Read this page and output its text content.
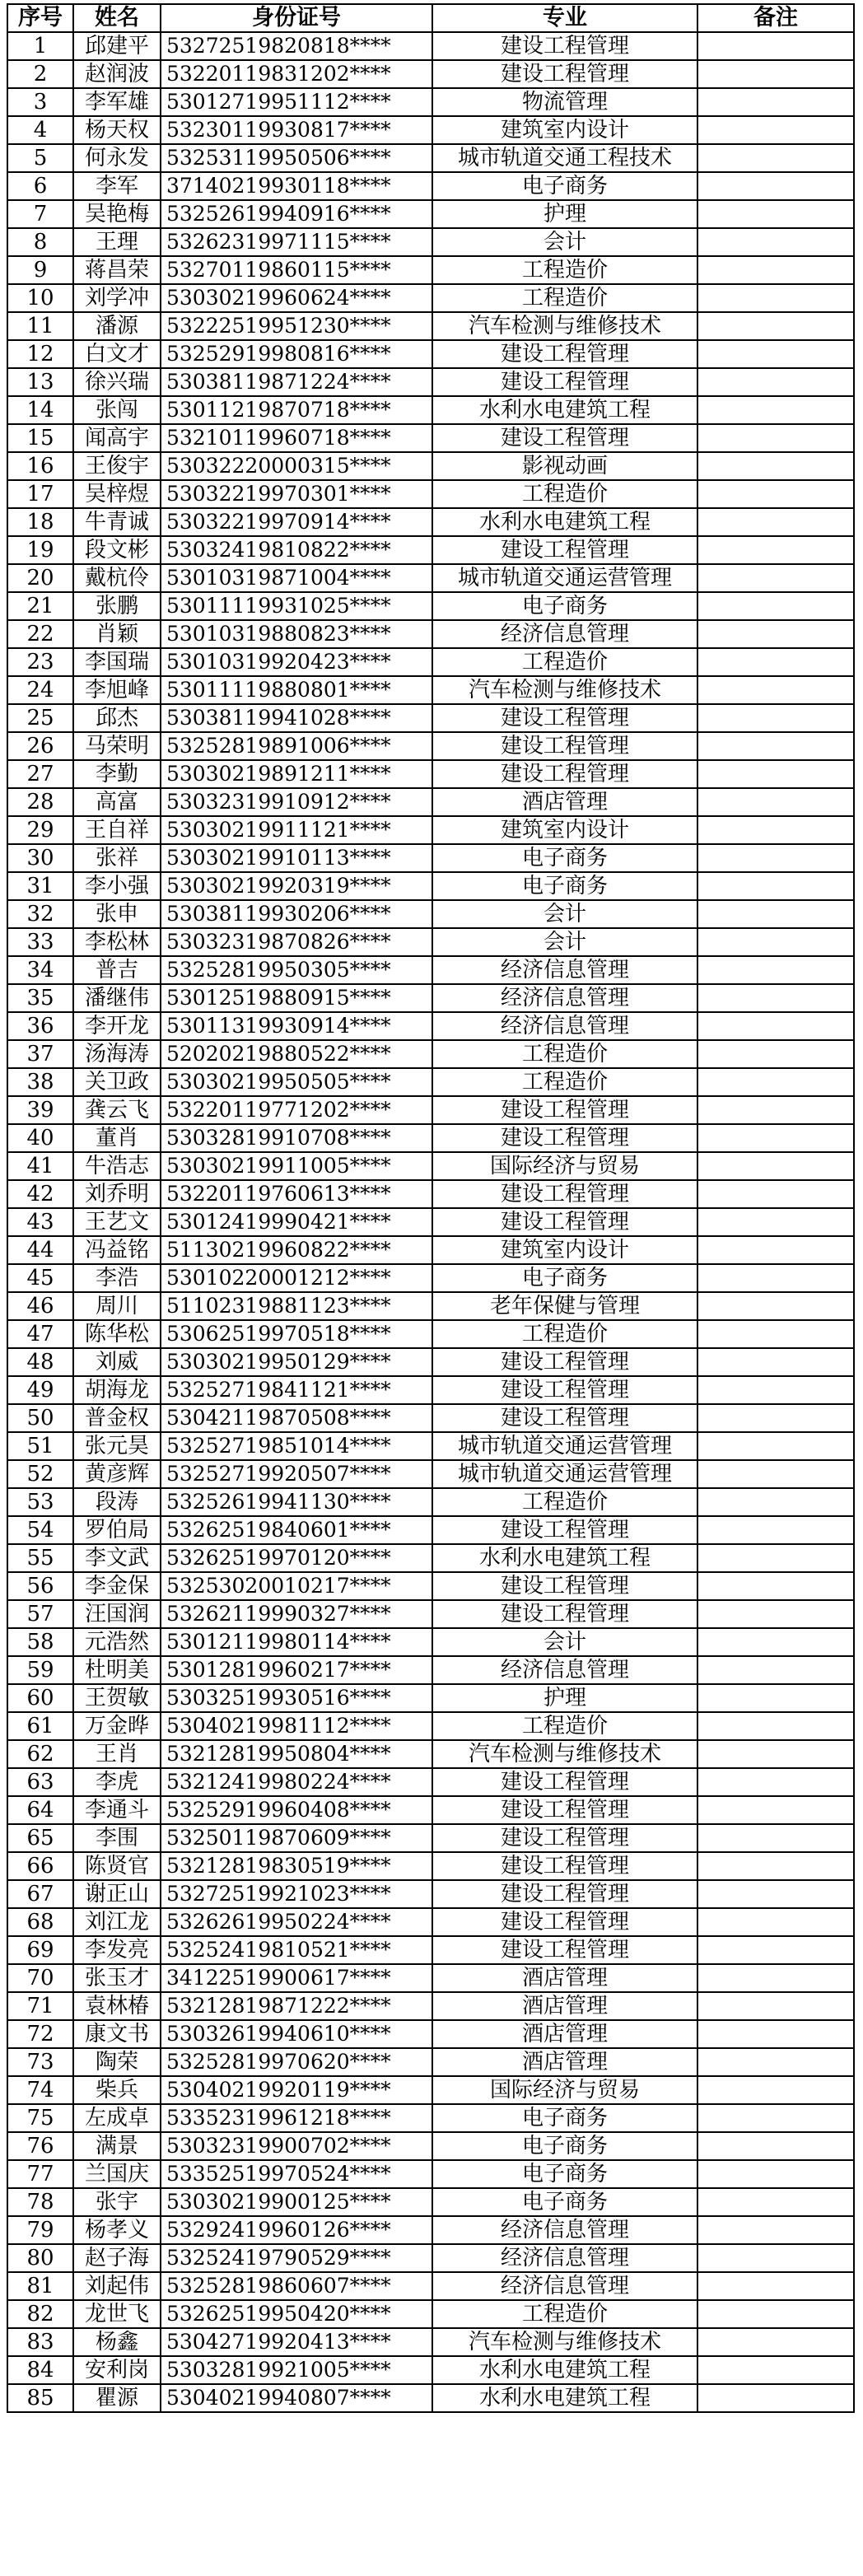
序号	姓名	身份证号	专业	备注
1	邱建平	53272519820818****	建设工程管理	
2	赵润波	53220119831202****	建设工程管理	
3	李军雄	53012719951112****	物流管理	
4	杨天权	53230119930817****	建筑室内设计	
5	何永发	53253119950506****	城市轨道交通工程技术	
6	李军	37140219930118****	电子商务	
7	吴艳梅	53252619940916****	护理	
8	王理	53262319971115****	会计	
9	蒋昌荣	53270119860115****	工程造价	
10	刘学冲	53030219960624****	工程造价	
11	潘源	53222519951230****	汽车检测与维修技术	
12	白文才	53252919980816****	建设工程管理	
13	徐兴瑞	53038119871224****	建设工程管理	
14	张闯	53011219870718****	水利水电建筑工程	
15	闻高宇	53210119960718****	建设工程管理	
16	王俊宇	53032220000315****	影视动画	
17	吴梓煜	53032219970301****	工程造价	
18	牛青诚	53032219970914****	水利水电建筑工程	
19	段文彬	53032419810822****	建设工程管理	
20	戴杭伶	53010319871004****	城市轨道交通运营管理	
21	张鹏	53011119931025****	电子商务	
22	肖颖	53010319880823****	经济信息管理	
23	李国瑞	53010319920423****	工程造价	
24	李旭峰	53011119880801****	汽车检测与维修技术	
25	邱杰	53038119941028****	建设工程管理	
26	马荣明	53252819891006****	建设工程管理	
27	李勤	53030219891211****	建设工程管理	
28	高富	53032319910912****	酒店管理	
29	王自祥	53030219911121****	建筑室内设计	
30	张祥	53030219910113****	电子商务	
31	李小强	53030219920319****	电子商务	
32	张申	53038119930206****	会计	
33	李松林	53032319870826****	会计	
34	普吉	53252819950305****	经济信息管理	
35	潘继伟	53012519880915****	经济信息管理	
36	李开龙	53011319930914****	经济信息管理	
37	汤海涛	52020219880522****	工程造价	
38	关卫政	53030219950505****	工程造价	
39	龚云飞	53220119771202****	建设工程管理	
40	董肖	53032819910708****	建设工程管理	
41	牛浩志	53030219911005****	国际经济与贸易	
42	刘乔明	53220119760613****	建设工程管理	
43	王艺文	53012419990421****	建设工程管理	
44	冯益铭	51130219960822****	建筑室内设计	
45	李浩	53010220001212****	电子商务	
46	周川	51102319881123****	老年保健与管理	
47	陈华松	53062519970518****	工程造价	
48	刘威	53030219950129****	建设工程管理	
49	胡海龙	53252719841121****	建设工程管理	
50	普金权	53042119870508****	建设工程管理	
51	张元昊	53252719851014****	城市轨道交通运营管理	
52	黄彦辉	53252719920507****	城市轨道交通运营管理	
53	段涛	53252619941130****	工程造价	
54	罗伯局	53262519840601****	建设工程管理	
55	李文武	53262519970120****	水利水电建筑工程	
56	李金保	53253020010217****	建设工程管理	
57	汪国润	53262119990327****	建设工程管理	
58	元浩然	53012119980114****	会计	
59	杜明美	53012819960217****	经济信息管理	
60	王贺敏	53032519930516****	护理	
61	万金晔	53040219981112****	工程造价	
62	王肖	53212819950804****	汽车检测与维修技术	
63	李虎	53212419980224****	建设工程管理	
64	李通斗	53252919960408****	建设工程管理	
65	李围	53250119870609****	建设工程管理	
66	陈贤官	53212819830519****	建设工程管理	
67	谢正山	53272519921023****	建设工程管理	
68	刘江龙	53262619950224****	建设工程管理	
69	李发亮	53252419810521****	建设工程管理	
70	张玉才	34122519900617****	酒店管理	
71	袁林椿	53212819871222****	酒店管理	
72	康文书	53032619940610****	酒店管理	
73	陶荣	53252819970620****	酒店管理	
74	柴兵	53040219920119****	国际经济与贸易	
75	左成卓	53352319961218****	电子商务	
76	满景	53032319900702****	电子商务	
77	兰国庆	53352519970524****	电子商务	
78	张宇	53030219900125****	电子商务	
79	杨孝义	53292419960126****	经济信息管理	
80	赵子海	53252419790529****	经济信息管理	
81	刘起伟	53252819860607****	经济信息管理	
82	龙世飞	53262519950420****	工程造价	
83	杨鑫	53042719920413****	汽车检测与维修技术	
84	安利岗	53032819921005****	水利水电建筑工程	
85	瞿源	53040219940807****	水利水电建筑工程	
